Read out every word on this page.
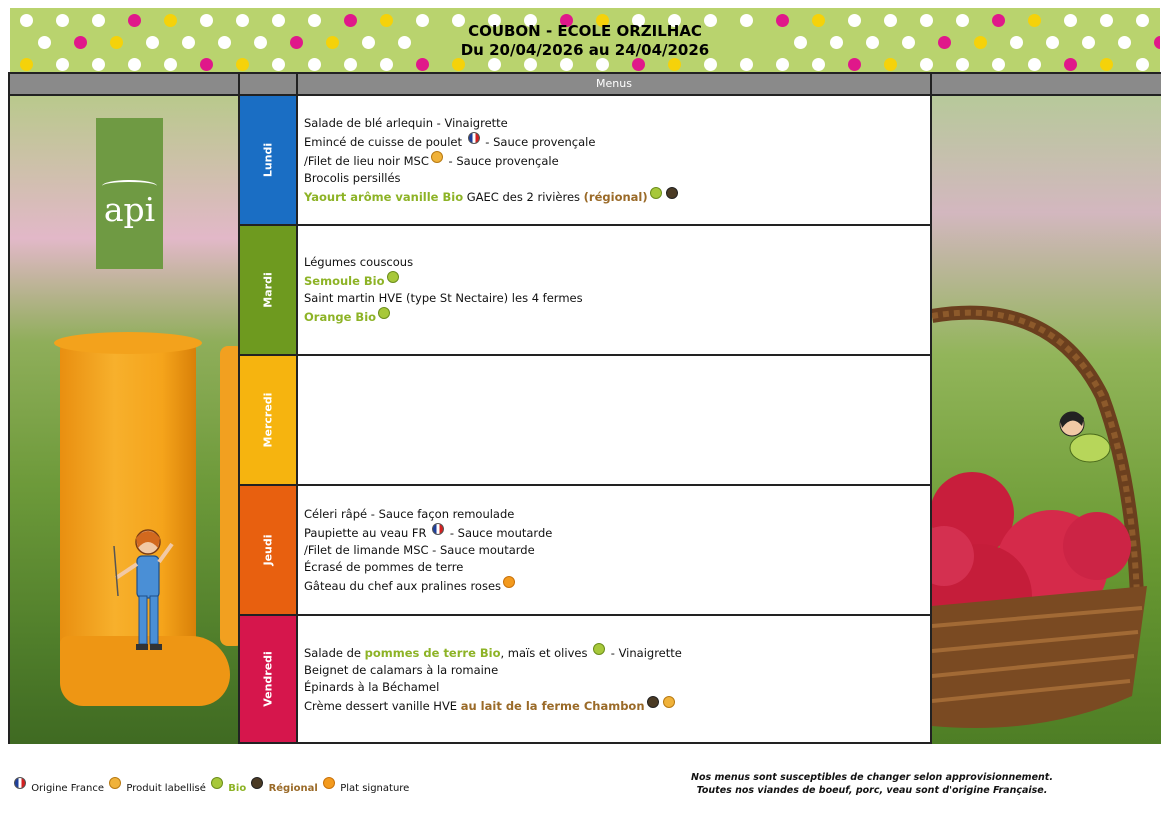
COUBON - ECOLE ORZILHAC
Du 20/04/2026 au 24/04/2026
Menus
api
Lundi
Salade de blé arlequin - Vinaigrette
Emincé de cuisse de poulet  - Sauce provençale
/Filet de lieu noir MSC - Sauce provençale
Brocolis persillés
Yaourt arôme vanille Bio GAEC des 2 rivières (régional)
Mardi
Légumes couscous
Semoule Bio
Saint martin HVE (type St Nectaire) les 4 fermes
Orange Bio
Mercredi
Jeudi
Céleri râpé - Sauce façon remoulade
Paupiette au veau FR  - Sauce moutarde
/Filet de limande MSC - Sauce moutarde
Écrasé de pommes de terre
Gâteau du chef aux pralines roses
Vendredi	Salade de pommes de terre Bio, maïs et olives  - Vinaigrette
Beignet de calamars à la romaine
Épinards à la Béchamel
Crème dessert vanille HVE au lait de la ferme Chambon
Origine France Produit labellisé Bio Régional Plat signature
Nos menus sont susceptibles de changer selon approvisionnement.
Toutes nos viandes de boeuf, porc, veau sont d'origine Française.
